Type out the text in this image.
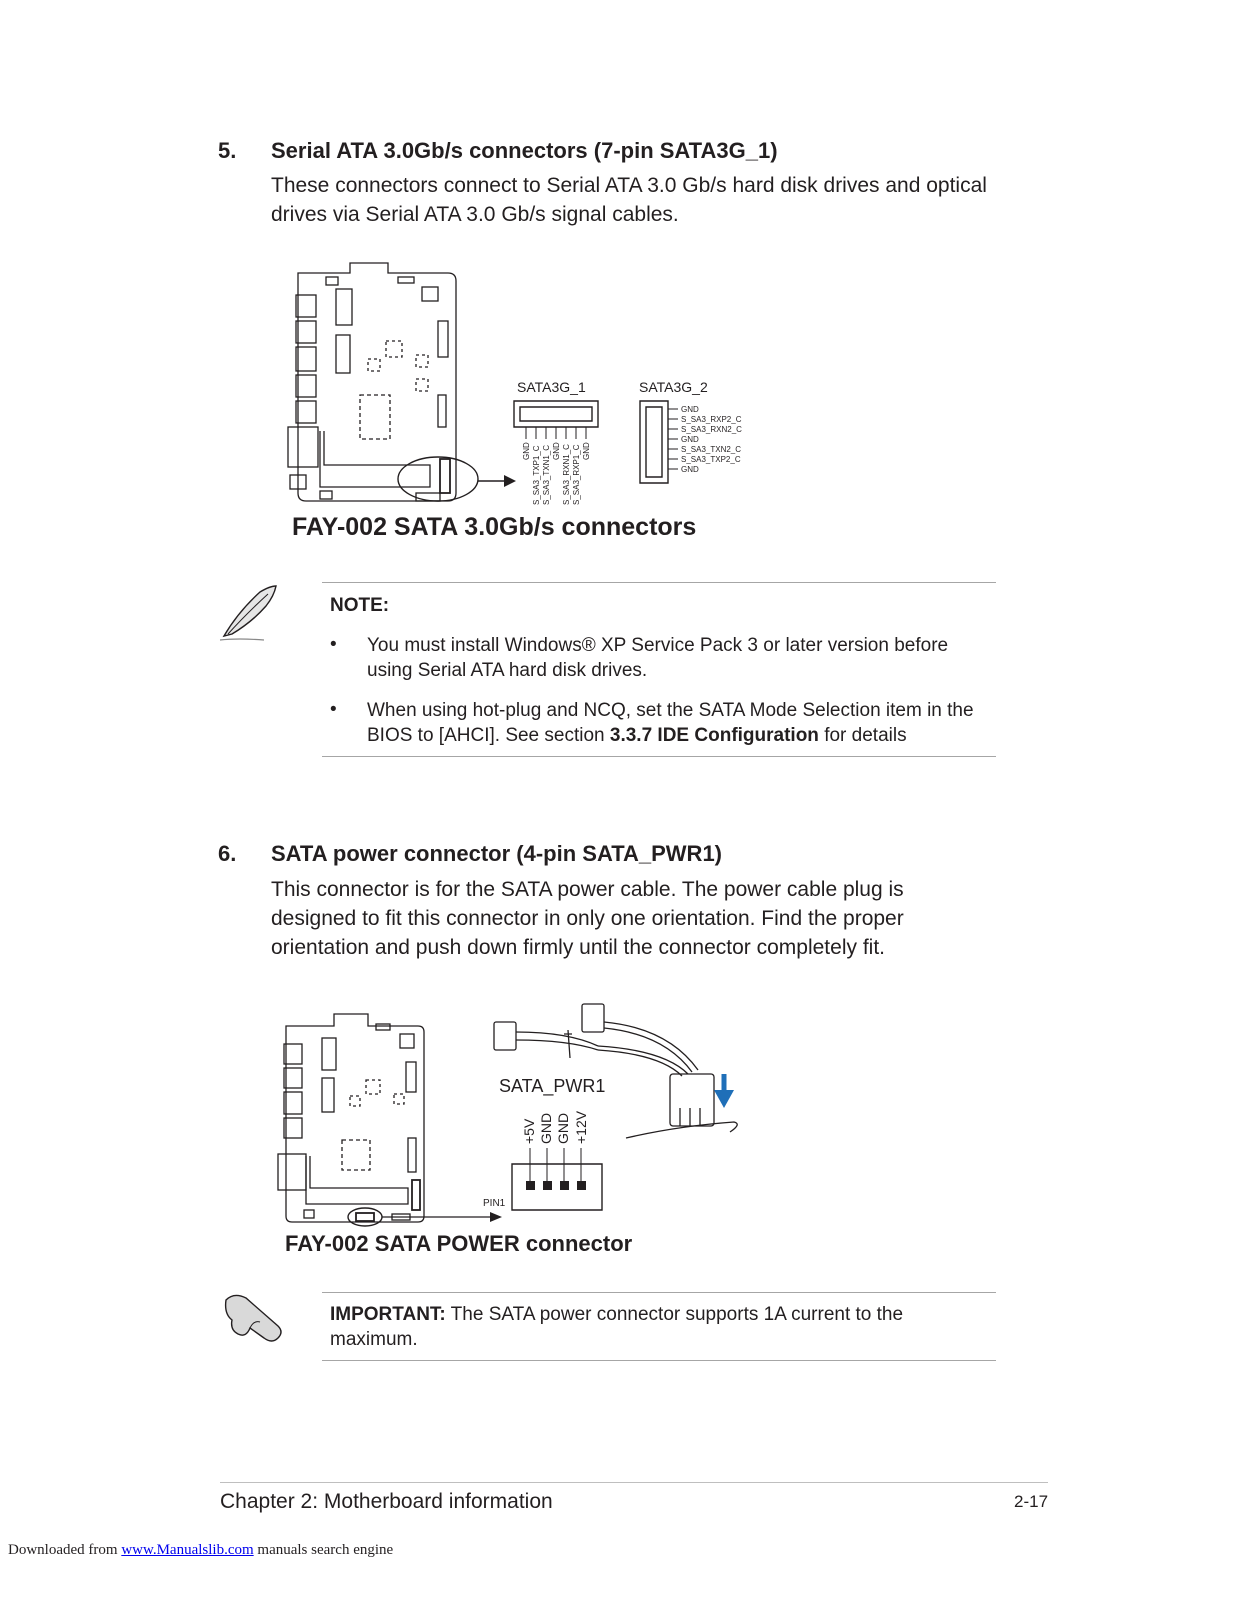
5. Serial ATA 3.0Gb/s connectors (7-pin SATA3G_1)
These connectors connect to Serial ATA 3.0 Gb/s hard disk drives and optical drives via Serial ATA 3.0 Gb/s signal cables.
SATA3G_1
GND S_SA3_TXP1_C S_SA3_TXN1_C GND S_SA3_RXN1_C S_SA3_RXP1_C GND
SATA3G_2
GND
S_SA3_RXP2_C
S_SA3_RXN2_C
GND
S_SA3_TXN2_C
S_SA3_TXP2_C
GND
FAY-002 SATA 3.0Gb/s connectors
NOTE:
• You must install Windows® XP Service Pack 3 or later version before using Serial ATA hard disk drives.
• When using hot-plug and NCQ, set the SATA Mode Selection item in the BIOS to [AHCI]. See section 3.3.7 IDE Configuration for details
6. SATA power connector (4-pin SATA_PWR1)
This connector is for the SATA power cable. The power cable plug is designed to fit this connector in only one orientation. Find the proper orientation and push down firmly until the connector completely fit.
SATA_PWR1
+5V GND GND +12V
PIN1
FAY-002 SATA POWER connector
IMPORTANT: The SATA power connector supports 1A current to the maximum.
Chapter 2: Motherboard information	2-17
Downloaded from www.Manualslib.com manuals search engine
